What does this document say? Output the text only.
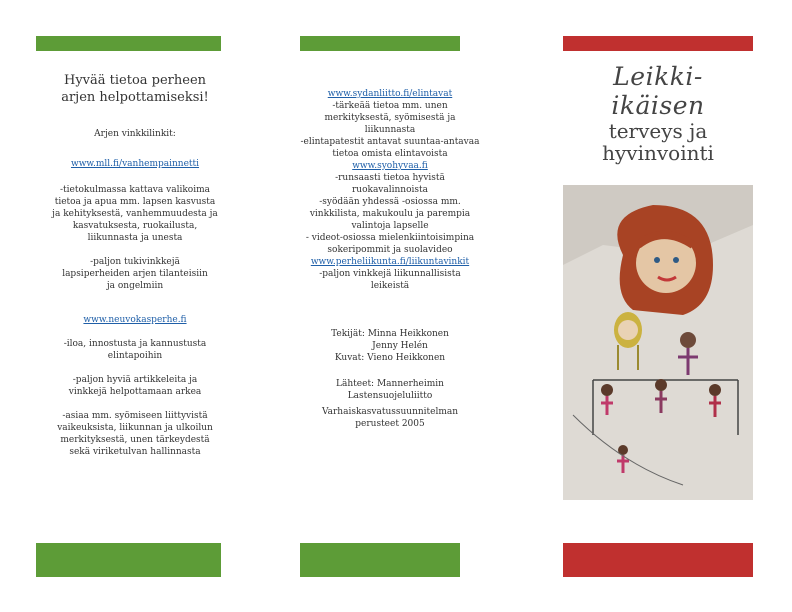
Hyvää tietoa perheen arjen helpottamiseksi!

Arjen vinkkilinkit:

www.mll.fi/vanhempainnetti

-tietokulmassa kattava valikoima tietoa ja apua mm. lapsen kasvusta ja kehityksestä, vanhemmuudesta ja kasvatuksesta, ruokailusta, liikunnasta ja unesta

-paljon tukivinkkejä lapsiperheiden arjen tilanteisiin ja ongelmiin

www.neuvokasperhe.fi

-iloa, innostusta ja kannustusta elintapoihin

-paljon hyviä artikkeleita ja vinkkejä helpottamaan arkea

-asiaa mm. syömiseen liittyvistä vaikeuksista, liikunnan ja ulkoilun merkityksestä, unen tärkeydestä sekä viriketulvan hallinnasta

www.sydanliitto.fi/elintavat

-tärkeää tietoa mm. unen merkityksestä, syömisestä ja liikunnasta

-elintapatestit antavat suuntaa-antavaa tietoa omista elintavoista

www.syohyvaa.fi

-runsaasti tietoa hyvistä ruokavalinnoista

-syödään yhdessä -osiossa mm. vinkkilista, makukoulu ja parempia valintoja lapselle

- videot-osiossa mielenkiintoisimpina sokeripommit ja suolavideo

www.perheliikunta.fi/liikuntavinkit

-paljon vinkkejä liikunnallisista leikeistä

Tekijät: Minna Heikkonen

Jenny Helén

Kuvat: Vieno Heikkonen

Lähteet: Mannerheimin Lastensuojeluliitto

Varhaiskasvatussuunnitelman perusteet 2005

Leikki- ikäisen

terveys ja

hyvinvointi
